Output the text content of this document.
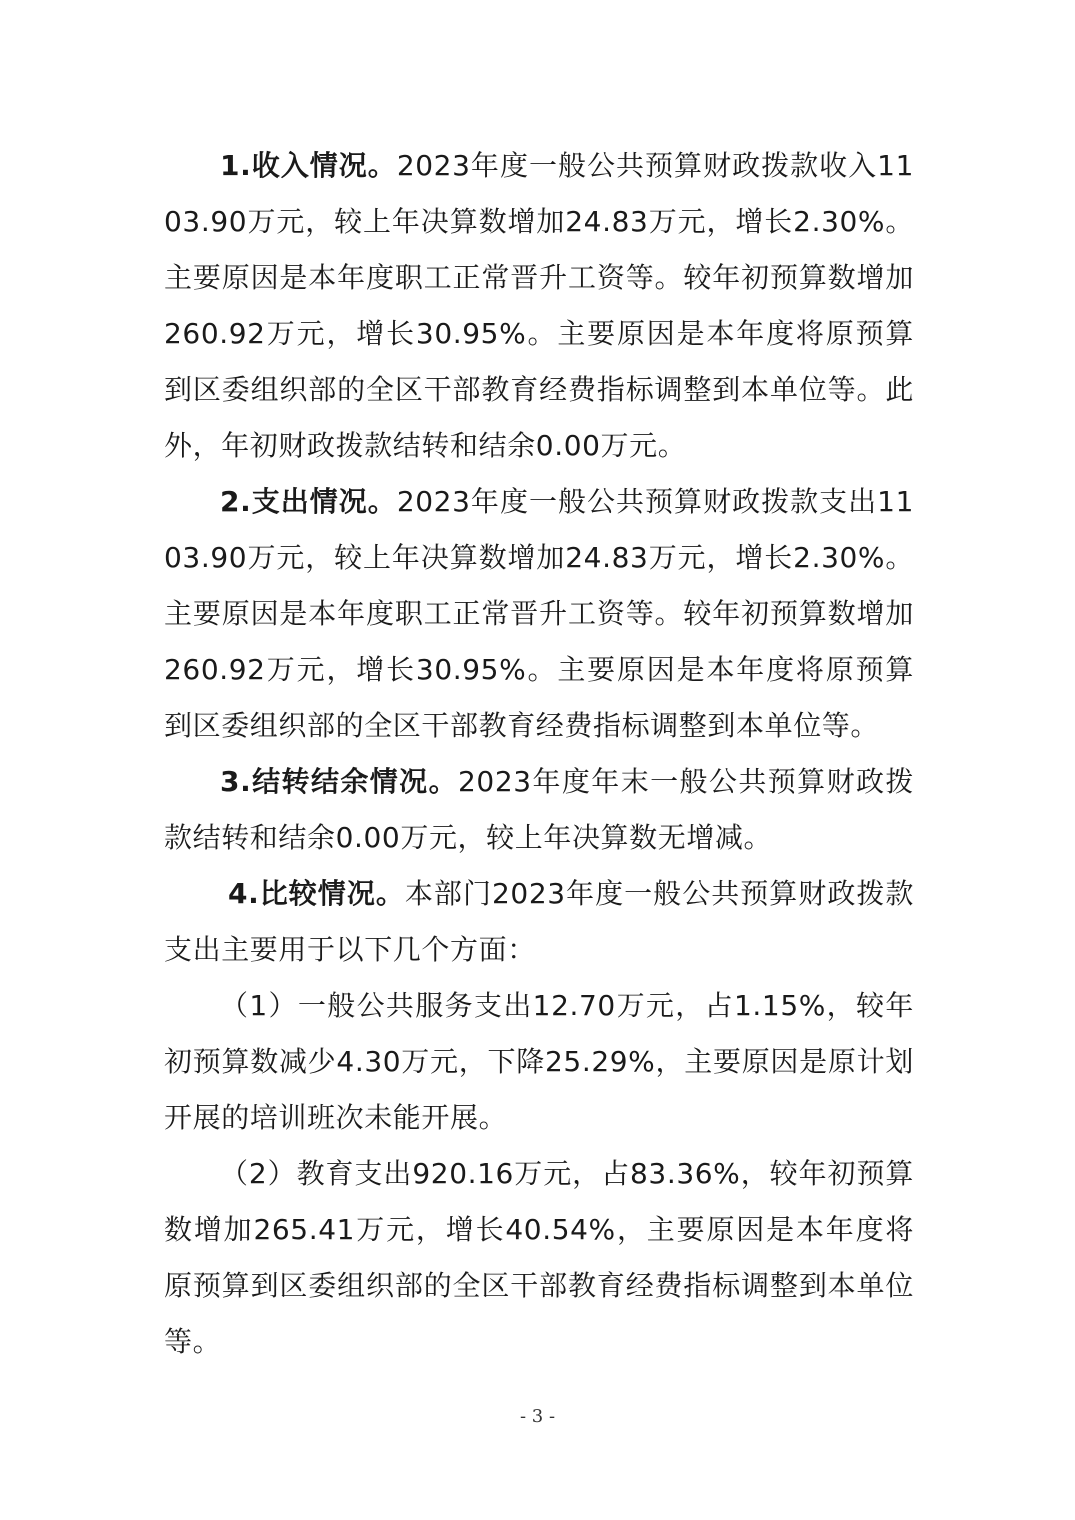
1.收入情况。2023年度一般公共预算财政拨款收入1103.90万元，较上年决算数增加24.83万元，增长2.30%。主要原因是本年度职工正常晋升工资等。较年初预算数增加260.92万元，增长30.95%。主要原因是本年度将原预算到区委组织部的全区干部教育经费指标调整到本单位等。此外，年初财政拨款结转和结余0.00万元。

2.支出情况。2023年度一般公共预算财政拨款支出1103.90万元，较上年决算数增加24.83万元，增长2.30%。主要原因是本年度职工正常晋升工资等。较年初预算数增加260.92万元，增长30.95%。主要原因是本年度将原预算到区委组织部的全区干部教育经费指标调整到本单位等。

3.结转结余情况。2023年度年末一般公共预算财政拨款结转和结余0.00万元，较上年决算数无增减。

4.比较情况。本部门2023年度一般公共预算财政拨款支出主要用于以下几个方面：

（1）一般公共服务支出12.70万元，占1.15%，较年初预算数减少4.30万元，下降25.29%，主要原因是原计划开展的培训班次未能开展。

（2）教育支出920.16万元，占83.36%，较年初预算数增加265.41万元，增长40.54%，主要原因是本年度将原预算到区委组织部的全区干部教育经费指标调整到本单位等。

- 3 -
